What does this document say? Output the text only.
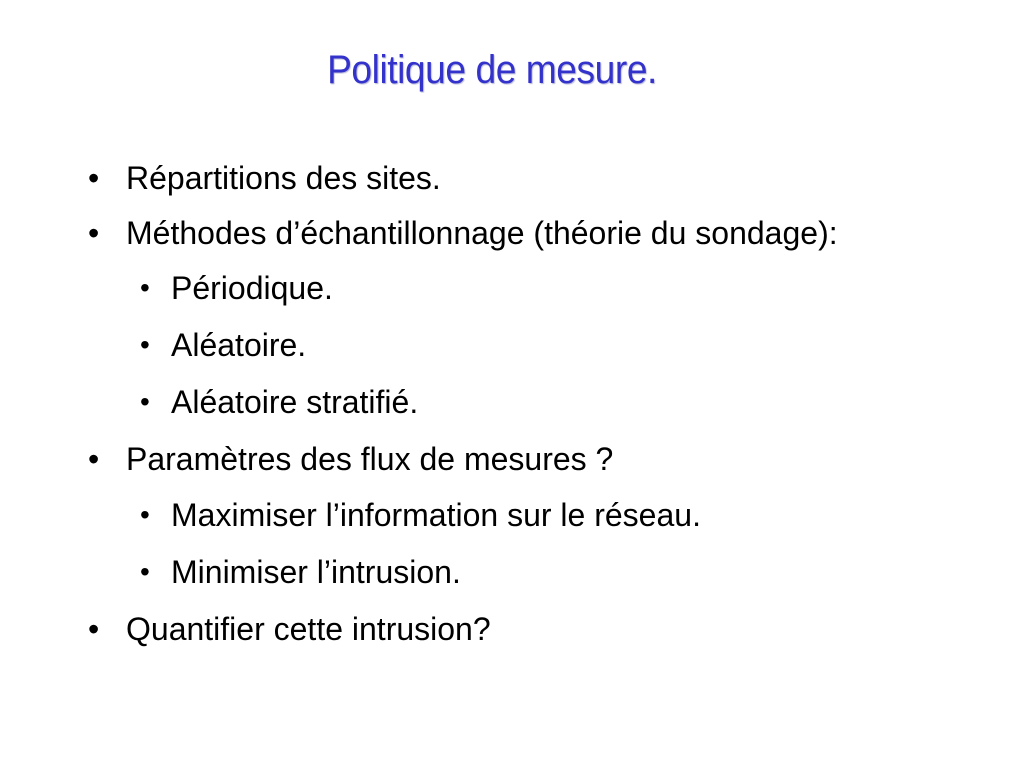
Politique de mesure.
• Répartitions des sites.
• Méthodes d’échantillonnage (théorie du sondage):
• Périodique.
• Aléatoire.
• Aléatoire stratifié.
• Paramètres des flux de mesures ?
• Maximiser l’information sur le réseau.
• Minimiser l’intrusion.
• Quantifier cette intrusion?
